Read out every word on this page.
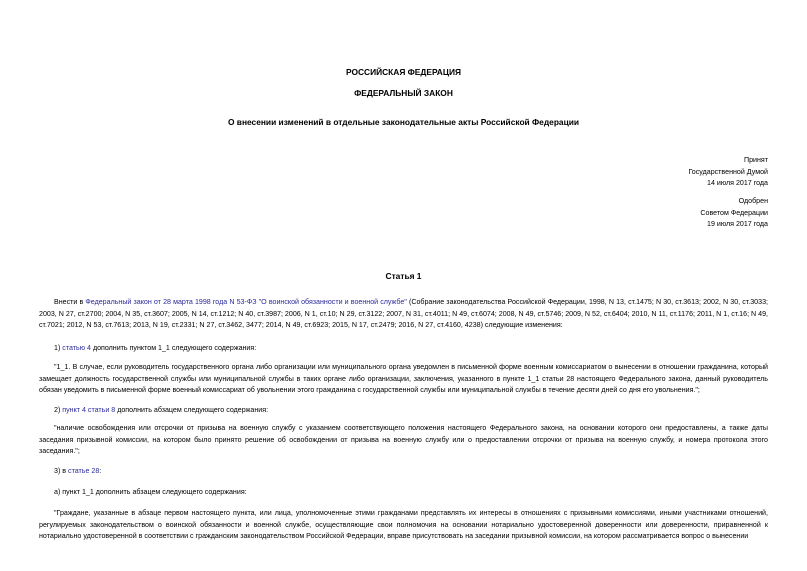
РОССИЙСКАЯ ФЕДЕРАЦИЯ
ФЕДЕРАЛЬНЫЙ ЗАКОН
О внесении изменений в отдельные законодательные акты Российской Федерации
Принят
Государственной Думой
14 июля 2017 года
Одобрен
Советом Федерации
19 июля 2017 года
Статья 1
Внести в Федеральный закон от 28 марта 1998 года N 53-ФЗ "О воинской обязанности и военной службе" (Собрание законодательства Российской Федерации, 1998, N 13, ст.1475; N 30, ст.3613; 2002, N 30, ст.3033; 2003, N 27, ст.2700; 2004, N 35, ст.3607; 2005, N 14, ст.1212; N 40, ст.3987; 2006, N 1, ст.10; N 29, ст.3122; 2007, N 31, ст.4011; N 49, ст.6074; 2008, N 49, ст.5746; 2009, N 52, ст.6404; 2010, N 11, ст.1176; 2011, N 1, ст.16; N 49, ст.7021; 2012, N 53, ст.7613; 2013, N 19, ст.2331; N 27, ст.3462, 3477; 2014, N 49, ст.6923; 2015, N 17, ст.2479; 2016, N 27, ст.4160, 4238) следующие изменения:
1) статью 4 дополнить пунктом 1_1 следующего содержания:
"1_1. В случае, если руководитель государственного органа либо организации или муниципального органа уведомлен в письменной форме военным комиссариатом о вынесении в отношении гражданина, который замещает должность государственной службы или муниципальной службы в таких органе либо организации, заключения, указанного в пункте 1_1 статьи 28 настоящего Федерального закона, данный руководитель обязан уведомить в письменной форме военный комиссариат об увольнении этого гражданина с государственной службы или муниципальной службы в течение десяти дней со дня его увольнения.";
2) пункт 4 статьи 8 дополнить абзацем следующего содержания:
"наличие освобождения или отсрочки от призыва на военную службу с указанием соответствующего положения настоящего Федерального закона, на основании которого они предоставлены, а также даты заседания призывной комиссии, на котором было принято решение об освобождении от призыва на военную службу или о предоставлении отсрочки от призыва на военную службу, и номера протокола этого заседания.";
3) в статье 28:
а) пункт 1_1 дополнить абзацем следующего содержания:
"Граждане, указанные в абзаце первом настоящего пункта, или лица, уполномоченные этими гражданами представлять их интересы в отношениях с призывными комиссиями, иными участниками отношений, регулируемых законодательством о воинской обязанности и военной службе, осуществляющие свои полномочия на основании нотариально удостоверенной доверенности или доверенности, приравненной к нотариально удостоверенной в соответствии с гражданским законодательством Российской Федерации, вправе присутствовать на заседании призывной комиссии, на котором рассматривается вопрос о вынесении
